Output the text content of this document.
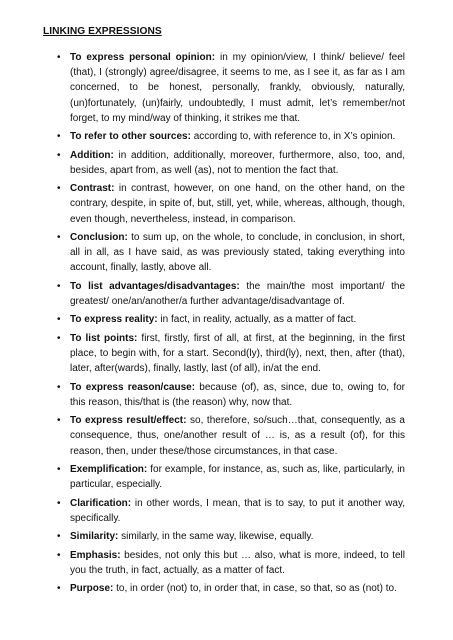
LINKING EXPRESSIONS
• To express personal opinion: in my opinion/view, I think/ believe/ feel (that), I (strongly) agree/disagree, it seems to me, as I see it, as far as I am concerned, to be honest, personally, frankly, obviously, naturally, (un)fortunately, (un)fairly, undoubtedly, I must admit, let’s remember/not forget, to my mind/way of thinking, it strikes me that.
• To refer to other sources: according to, with reference to, in X’s opinion.
• Addition: in addition, additionally, moreover, furthermore, also, too, and, besides, apart from, as well (as), not to mention the fact that.
• Contrast: in contrast, however, on one hand, on the other hand, on the contrary, despite, in spite of, but, still, yet, while, whereas, although, though, even though, nevertheless, instead, in comparison.
• Conclusion: to sum up, on the whole, to conclude, in conclusion, in short, all in all, as I have said, as was previously stated, taking everything into account, finally, lastly, above all.
• To list advantages/disadvantages: the main/the most important/ the greatest/ one/an/another/a further advantage/disadvantage of.
• To express reality: in fact, in reality, actually, as a matter of fact.
• To list points: first, firstly, first of all, at first, at the beginning, in the first place, to begin with, for a start. Second(ly), third(ly), next, then, after (that), later, after(wards), finally, lastly, last (of all), in/at the end.
• To express reason/cause: because (of), as, since, due to, owing to, for this reason, this/that is (the reason) why, now that.
• To express result/effect: so, therefore, so/such…that, consequently, as a consequence, thus, one/another result of … is, as a result (of), for this reason, then, under these/those circumstances, in that case.
• Exemplification: for example, for instance, as, such as, like, particularly, in particular, especially.
• Clarification: in other words, I mean, that is to say, to put it another way, specifically.
• Similarity: similarly, in the same way, likewise, equally.
• Emphasis: besides, not only this but … also, what is more, indeed, to tell you the truth, in fact, actually, as a matter of fact.
• Purpose: to, in order (not) to, in order that, in case, so that, so as (not) to.
